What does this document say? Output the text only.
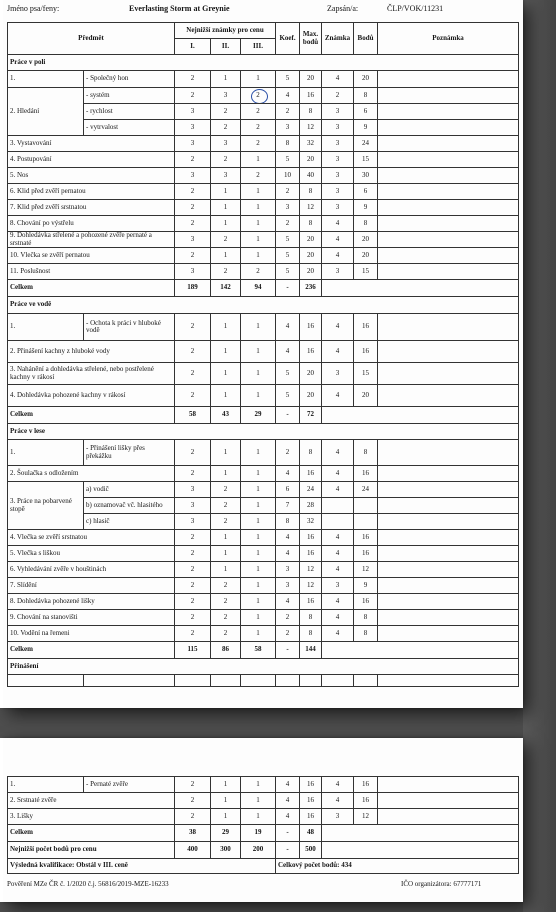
Jméno psa/feny:	Everlasting Storm at Greynie	Zapsán/a:	ČLP/VOK/11231
Předmět		Nejnižší známky pro cenu			Koef.	Max. bodů	Známka	Bodů	Poznámka
		I.	II.	III.					
Práce v poli									
1.	- Společný hon	2	1	1	5	20	4	20	
2. Hledání	- systém	2	3	2	4	16	2	8	
	- rychlost	3	2	2	2	8	3	6	
	- vytrvalost	3	2	2	3	12	3	9	
3. Vystavování		3	3	2	8	32	3	24	
4. Postupování		2	2	1	5	20	3	15	
5. Nos		3	3	2	10	40	3	30	
6. Klid před zvěří pernatou		2	1	1	2	8	3	6	
7. Klid před zvěří srstnatou		2	1	1	3	12	3	9	
8. Chování po výstřelu		2	1	1	2	8	4	8	
9. Dohledávka střelené a pohozené zvěře pernaté a srstnaté		3	2	1	5	20	4	20	
10. Vlečka se zvěří pernatou		2	1	1	5	20	4	20	
11. Poslušnost		3	2	2	5	20	3	15	
Celkem		189	142	94	-	236			
Práce ve vodě									
1.	- Ochota k práci v hluboké vodě	2	1	1	4	16	4	16	
2. Přinášení kachny z hluboké vody		2	1	1	4	16	4	16	
3. Nahánění a dohledávka střelené, nebo postřelené kachny v rákosí		2	1	1	5	20	3	15	
4. Dohledávka pohozené kachny v rákosí		2	1	1	5	20	4	20	
Celkem		58	43	29	-	72			
Práce v lese									
1.	- Přinášení lišky přes překážku	2	1	1	2	8	4	8	
2. Šoulačka s odložením		2	1	1	4	16	4	16	
3. Práce na pobarvené stopě	a) vodič	3	2	1	6	24	4	24	
	b) oznamovač vč. hlasitého	3	2	1	7	28			
	c) hlasič	3	2	1	8	32			
4. Vlečka se zvěří srstnatou		2	1	1	4	16	4	16	
5. Vlečka s liškou		2	1	1	4	16	4	16	
6. Vyhledávání zvěře v houštinách		2	1	1	3	12	4	12	
7. Slídění		2	2	1	3	12	3	9	
8. Dohledávka pohozené lišky		2	2	1	4	16	4	16	
9. Chování na stanovišti		2	2	1	2	8	4	8	
10. Vodění na řemeni		2	2	1	2	8	4	8	
Celkem		115	86	58	-	144			
Přinášení									

1.	- Pernaté zvěře	2	1	1	4	16	4	16	
2. Srstnaté zvěře		2	1	1	4	16	4	16	
3. Lišky		2	1	1	4	16	3	12	
Celkem		38	29	19	-	48			
Nejnižší počet bodů pro cenu		400	300	200	-	500			
Výsledná kvalifikace: Obstál v III. ceně					Celkový počet bodů: 434				
Pověření MZe ČR č. 1/2020 č.j. 56816/2019-MZE-16233	IČO organizátora: 67777171
